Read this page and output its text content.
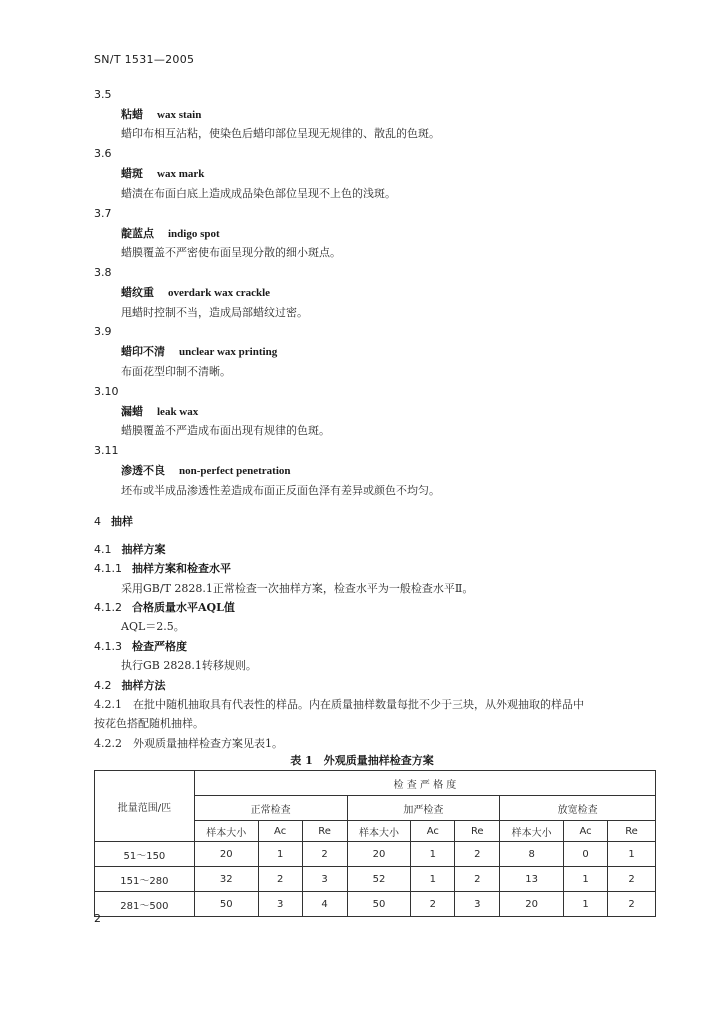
SN/T 1531—2005
3.5
粘蜡 wax stain
蜡印布相互沾粘，使染色后蜡印部位呈现无规律的、散乱的色斑。
3.6
蜡斑 wax mark
蜡渍在布面白底上造成成品染色部位呈现不上色的浅斑。
3.7
靛蓝点 indigo spot
蜡膜覆盖不严密使布面呈现分散的细小斑点。
3.8
蜡纹重 overdark wax crackle
甩蜡时控制不当，造成局部蜡纹过密。
3.9
蜡印不清 unclear wax printing
布面花型印制不清晰。
3.10
漏蜡 leak wax
蜡膜覆盖不严造成布面出现有规律的色斑。
3.11
渗透不良 non-perfect penetration
坯布或半成品渗透性差造成布面正反面色泽有差异或颜色不均匀。
4 抽样
4.1 抽样方案
4.1.1 抽样方案和检查水平
采用GB/T 2828.1正常检查一次抽样方案，检查水平为一般检查水平Ⅱ。
4.1.2 合格质量水平AQL值
AQL＝2.5。
4.1.3 检查严格度
执行GB 2828.1转移规则。
4.2 抽样方法
4.2.1　在批中随机抽取具有代表性的样品。内在质量抽样数量每批不少于三块，从外观抽取的样品中
按花色搭配随机抽样。
4.2.2　外观质量抽样检查方案见表1。
表 1　外观质量抽样检查方案
批量范围/匹	检 查 严 格 度								
	正常检查			加严检查			放宽检查		
	样本大小	Ac	Re	样本大小	Ac	Re	样本大小	Ac	Re
51～150	20	1	2	20	1	2	8	0	1
151～280	32	2	3	52	1	2	13	1	2
281～500	50	3	4	50	2	3	20	1	2
2
